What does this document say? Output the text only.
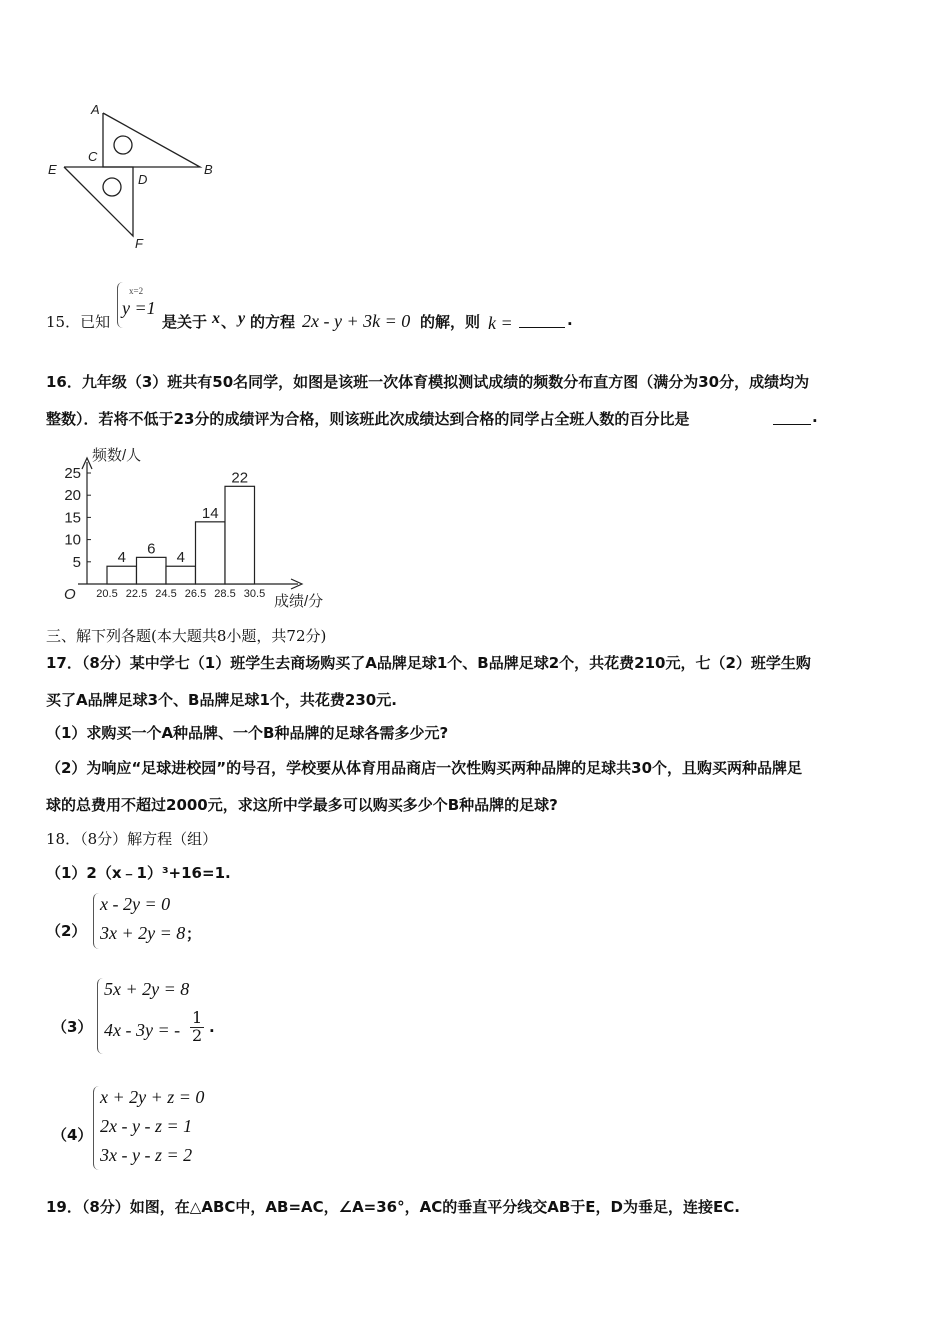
A
B
C
D
E
F
15．已知
x=2
y =1
是关于 x 、 y 的方程 2x - y + 3k = 0 的解，则 k =	.
16．九年级（3）班共有50名同学，如图是该班一次体育模拟测试成绩的频数分布直方图（满分为30分，成绩均为
整数）．若将不低于23分的成绩评为合格，则该班此次成绩达到合格的同学占全班人数的百分比是	.
频数/人
成绩/分
O
5
10
15
20
25
20.5 22.5 24.5 26.5 28.5 30.5
4
6
4
14
22
三、解下列各题(本大题共8小题，共72分)
17．（8分）某中学七（1）班学生去商场购买了A品牌足球1个、B品牌足球2个，共花费210元，七（2）班学生购
买了A品牌足球3个、B品牌足球1个，共花费230元.
（1）求购买一个A种品牌、一个B种品牌的足球各需多少元?
（2）为响应“足球进校园”的号召，学校要从体育用品商店一次性购买两种品牌的足球共30个，且购买两种品牌足
球的总费用不超过2000元，求这所中学最多可以购买多少个B种品牌的足球?
18．（8分）解方程（组）
（1）2（x﹣1）³+16=1.
（2）
x - 2y = 0
3x + 2y = 8 ；
（3）
5x + 2y = 8
4x - 3y = - $\frac{1}{2}$ .
（4）
x + 2y + z = 0
2x - y - z = 1
3x - y - z = 2
19．（8分）如图，在△ABC中，AB=AC，∠A=36°，AC的垂直平分线交AB于E，D为垂足，连接EC.
